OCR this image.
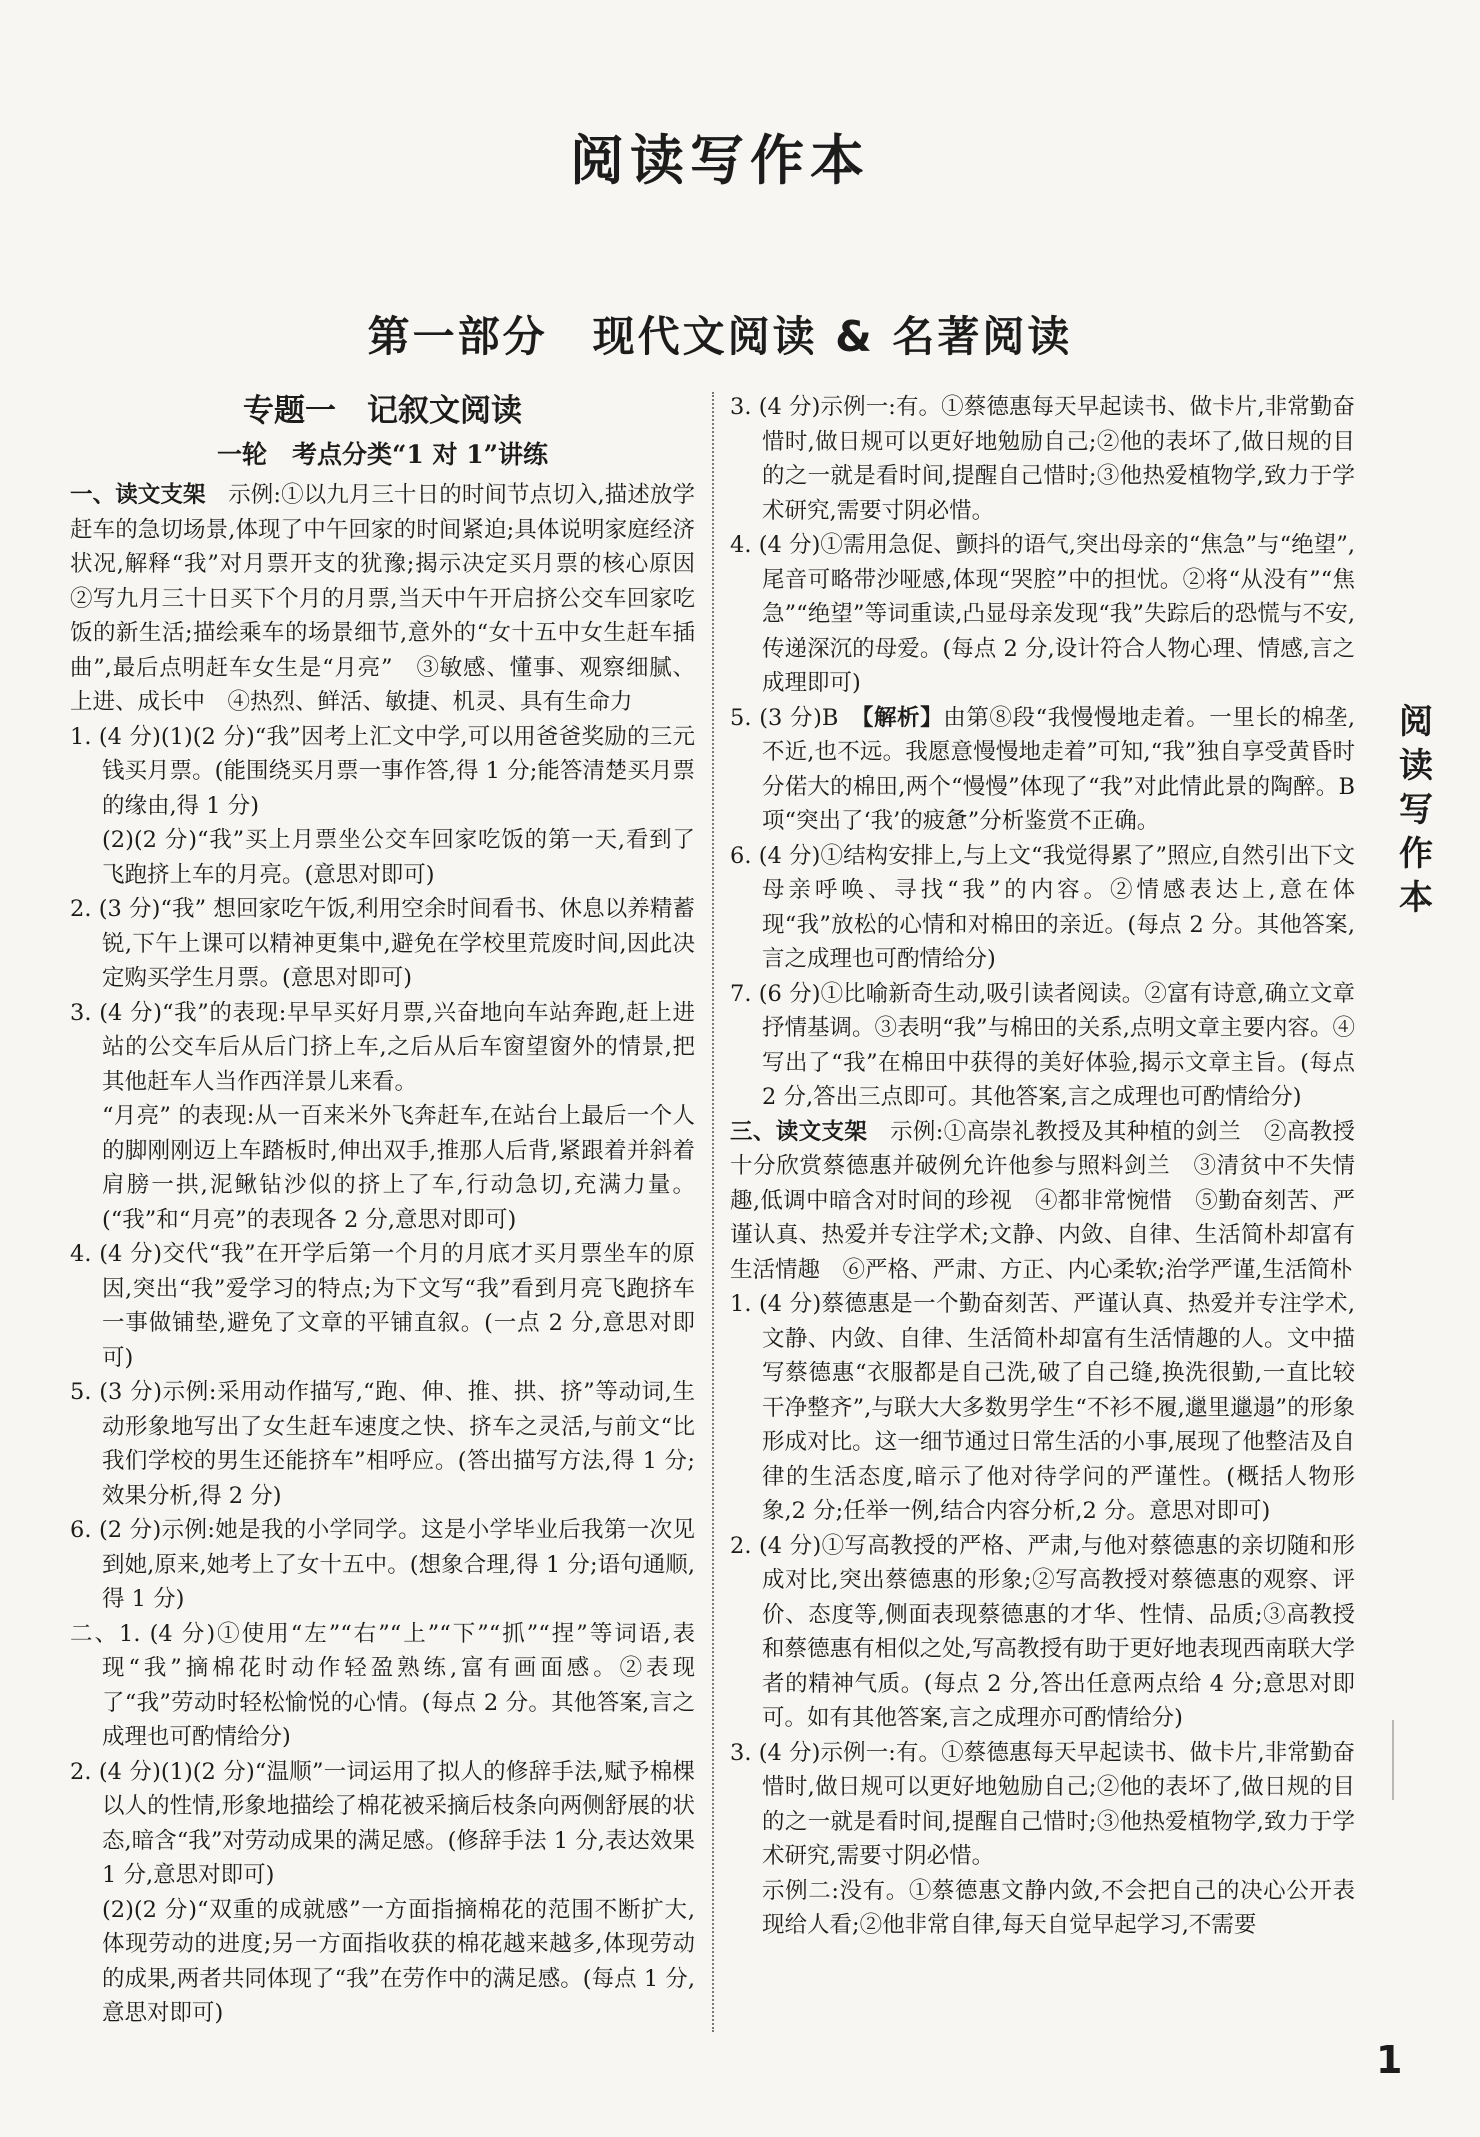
阅读写作本
第一部分　现代文阅读 & 名著阅读
阅读写作本
专题一　记叙文阅读
一轮　考点分类“1 对 1”讲练

一、读文支架　示例:①以九月三十日的时间节点切入,描述放学赶车的急切场景,体现了中午回家的时间紧迫;具体说明家庭经济状况,解释“我”对月票开支的犹豫;揭示决定买月票的核心原因　②写九月三十日买下个月的月票,当天中午开启挤公交车回家吃饭的新生活;描绘乘车的场景细节,意外的“女十五中女生赶车插曲”,最后点明赶车女生是“月亮”　③敏感、懂事、观察细腻、上进、成长中　④热烈、鲜活、敏捷、机灵、具有生命力

1. (4 分)(1)(2 分)“我”因考上汇文中学,可以用爸爸奖励的三元钱买月票。(能围绕买月票一事作答,得 1 分;能答清楚买月票的缘由,得 1 分)

(2)(2 分)“我”买上月票坐公交车回家吃饭的第一天,看到了飞跑挤上车的月亮。(意思对即可)

2. (3 分)“我” 想回家吃午饭,利用空余时间看书、休息以养精蓄锐,下午上课可以精神更集中,避免在学校里荒废时间,因此决定购买学生月票。(意思对即可)

3. (4 分)“我”的表现:早早买好月票,兴奋地向车站奔跑,赶上进站的公交车后从后门挤上车,之后从后车窗望窗外的情景,把其他赶车人当作西洋景儿来看。

“月亮” 的表现:从一百来米外飞奔赶车,在站台上最后一个人的脚刚刚迈上车踏板时,伸出双手,推那人后背,紧跟着并斜着肩膀一拱,泥鳅钻沙似的挤上了车,行动急切,充满力量。(“我”和“月亮”的表现各 2 分,意思对即可)

4. (4 分)交代“我”在开学后第一个月的月底才买月票坐车的原因,突出“我”爱学习的特点;为下文写“我”看到月亮飞跑挤车一事做铺垫,避免了文章的平铺直叙。(一点 2 分,意思对即可)

5. (3 分)示例:采用动作描写,“跑、伸、推、拱、挤”等动词,生动形象地写出了女生赶车速度之快、挤车之灵活,与前文“比我们学校的男生还能挤车”相呼应。(答出描写方法,得 1 分;效果分析,得 2 分)

6. (2 分)示例:她是我的小学同学。这是小学毕业后我第一次见到她,原来,她考上了女十五中。(想象合理,得 1 分;语句通顺,得 1 分)

二、1. (4 分)①使用“左”“右”“上”“下”“抓”“捏”等词语,表现“我”摘棉花时动作轻盈熟练,富有画面感。②表现了“我”劳动时轻松愉悦的心情。(每点 2 分。其他答案,言之成理也可酌情给分)

2. (4 分)(1)(2 分)“温顺”一词运用了拟人的修辞手法,赋予棉棵以人的性情,形象地描绘了棉花被采摘后枝条向两侧舒展的状态,暗含“我”对劳动成果的满足感。(修辞手法 1 分,表达效果 1 分,意思对即可)

(2)(2 分)“双重的成就感”一方面指摘棉花的范围不断扩大,体现劳动的进度;另一方面指收获的棉花越来越多,体现劳动的成果,两者共同体现了“我”在劳作中的满足感。(每点 1 分,意思对即可)

3. (4 分)示例一:有。①蔡德惠每天早起读书、做卡片,非常勤奋惜时,做日规可以更好地勉励自己;②他的表坏了,做日规的目的之一就是看时间,提醒自己惜时;③他热爱植物学,致力于学术研究,需要寸阴必惜。

4. (4 分)①需用急促、颤抖的语气,突出母亲的“焦急”与“绝望”,尾音可略带沙哑感,体现“哭腔”中的担忧。②将“从没有”“焦急”“绝望”等词重读,凸显母亲发现“我”失踪后的恐慌与不安,传递深沉的母爱。(每点 2 分,设计符合人物心理、情感,言之成理即可)

5. (3 分)B　【解析】由第⑧段“我慢慢地走着。一里长的棉垄,不近,也不远。我愿意慢慢地走着”可知,“我”独自享受黄昏时分偌大的棉田,两个“慢慢”体现了“我”对此情此景的陶醉。B 项“突出了‘我’的疲惫”分析鉴赏不正确。

6. (4 分)①结构安排上,与上文“我觉得累了”照应,自然引出下文母亲呼唤、寻找“我”的内容。②情感表达上,意在体现“我”放松的心情和对棉田的亲近。(每点 2 分。其他答案,言之成理也可酌情给分)

7. (6 分)①比喻新奇生动,吸引读者阅读。②富有诗意,确立文章抒情基调。③表明“我”与棉田的关系,点明文章主要内容。④写出了“我”在棉田中获得的美好体验,揭示文章主旨。(每点 2 分,答出三点即可。其他答案,言之成理也可酌情给分)

三、读文支架　示例:①高崇礼教授及其种植的剑兰　②高教授十分欣赏蔡德惠并破例允许他参与照料剑兰　③清贫中不失情趣,低调中暗含对时间的珍视　④都非常惋惜　⑤勤奋刻苦、严谨认真、热爱并专注学术;文静、内敛、自律、生活简朴却富有生活情趣　⑥严格、严肃、方正、内心柔软;治学严谨,生活简朴

1. (4 分)蔡德惠是一个勤奋刻苦、严谨认真、热爱并专注学术,文静、内敛、自律、生活简朴却富有生活情趣的人。文中描写蔡德惠“衣服都是自己洗,破了自己缝,换洗很勤,一直比较干净整齐”,与联大大多数男学生“不衫不履,邋里邋遢”的形象形成对比。这一细节通过日常生活的小事,展现了他整洁及自律的生活态度,暗示了他对待学问的严谨性。(概括人物形象,2 分;任举一例,结合内容分析,2 分。意思对即可)

2. (4 分)①写高教授的严格、严肃,与他对蔡德惠的亲切随和形成对比,突出蔡德惠的形象;②写高教授对蔡德惠的观察、评价、态度等,侧面表现蔡德惠的才华、性情、品质;③高教授和蔡德惠有相似之处,写高教授有助于更好地表现西南联大学者的精神气质。(每点 2 分,答出任意两点给 4 分;意思对即可。如有其他答案,言之成理亦可酌情给分)

3. (4 分)示例一:有。①蔡德惠每天早起读书、做卡片,非常勤奋惜时,做日规可以更好地勉励自己;②他的表坏了,做日规的目的之一就是看时间,提醒自己惜时;③他热爱植物学,致力于学术研究,需要寸阴必惜。

示例二:没有。①蔡德惠文静内敛,不会把自己的决心公开表现给人看;②他非常自律,每天自觉早起学习,不需要

1
